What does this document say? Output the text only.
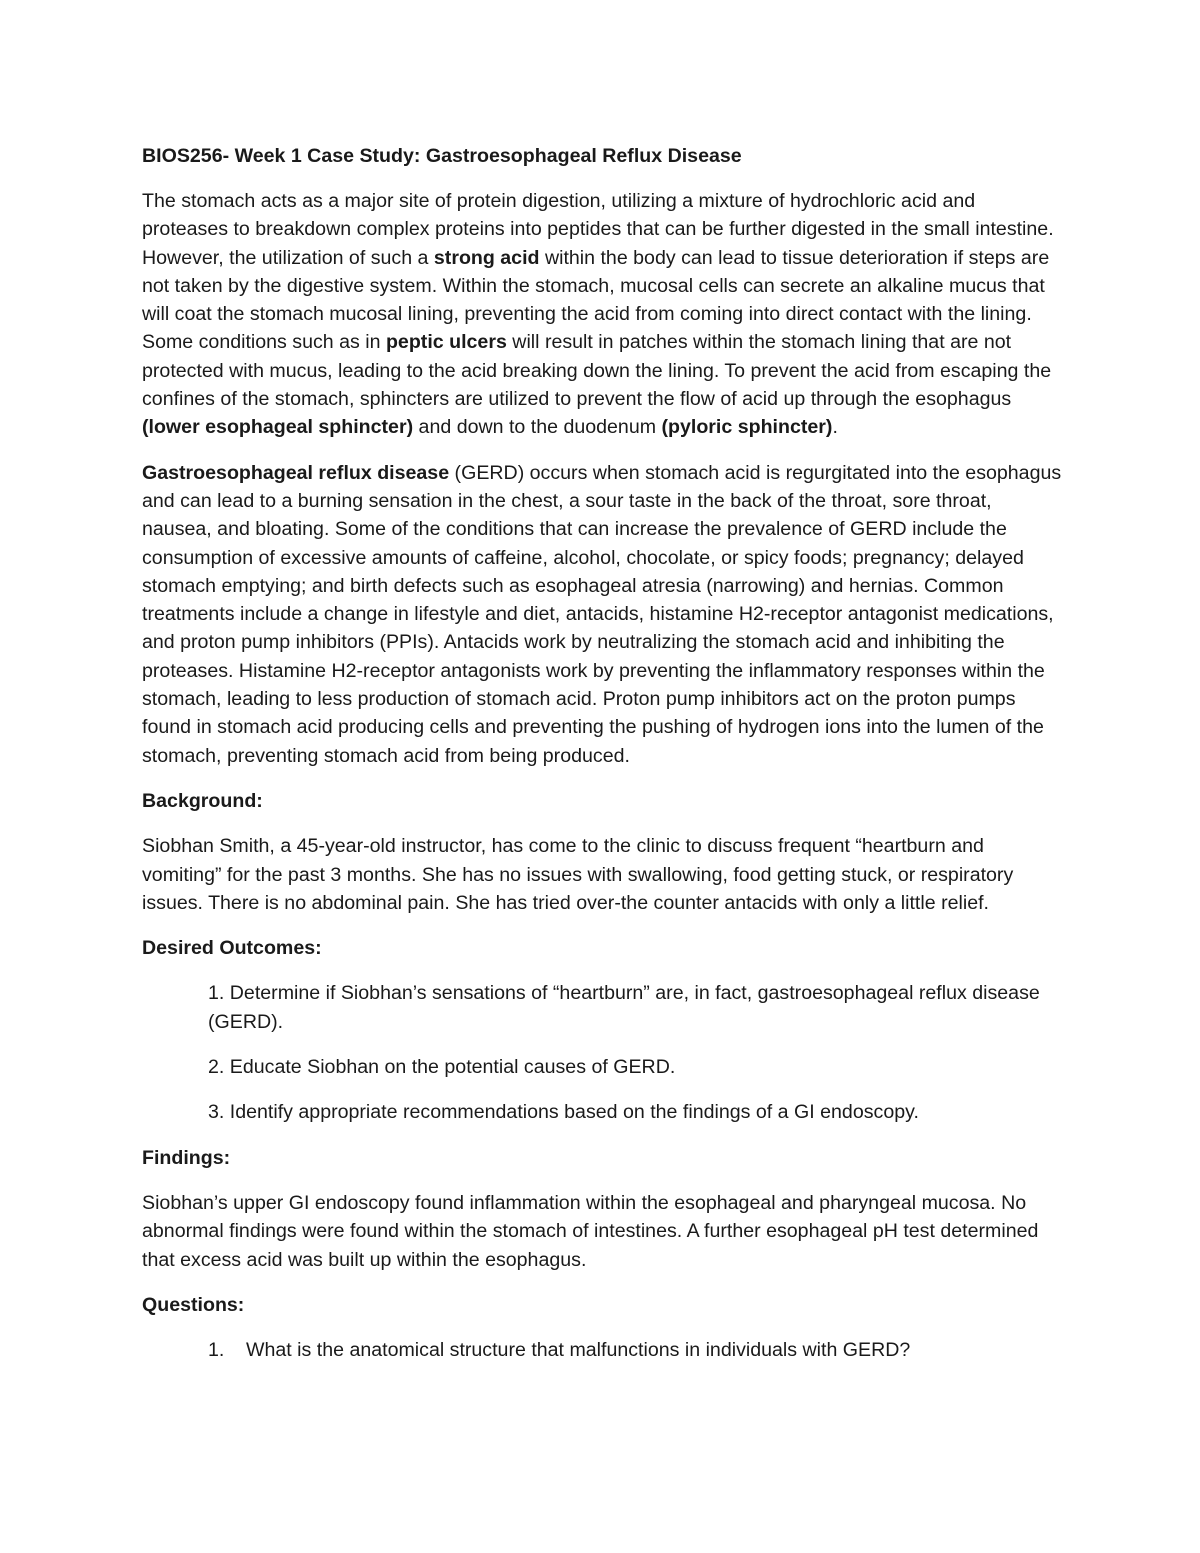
BIOS256- Week 1 Case Study: Gastroesophageal Reflux Disease

The stomach acts as a major site of protein digestion, utilizing a mixture of hydrochloric acid and proteases to breakdown complex proteins into peptides that can be further digested in the small intestine. However, the utilization of such a strong acid within the body can lead to tissue deterioration if steps are not taken by the digestive system. Within the stomach, mucosal cells can secrete an alkaline mucus that will coat the stomach mucosal lining, preventing the acid from coming into direct contact with the lining. Some conditions such as in peptic ulcers will result in patches within the stomach lining that are not protected with mucus, leading to the acid breaking down the lining. To prevent the acid from escaping the confines of the stomach, sphincters are utilized to prevent the flow of acid up through the esophagus (lower esophageal sphincter) and down to the duodenum (pyloric sphincter).

Gastroesophageal reflux disease (GERD) occurs when stomach acid is regurgitated into the esophagus and can lead to a burning sensation in the chest, a sour taste in the back of the throat, sore throat, nausea, and bloating. Some of the conditions that can increase the prevalence of GERD include the consumption of excessive amounts of caffeine, alcohol, chocolate, or spicy foods; pregnancy; delayed stomach emptying; and birth defects such as esophageal atresia (narrowing) and hernias. Common treatments include a change in lifestyle and diet, antacids, histamine H2-receptor antagonist medications, and proton pump inhibitors (PPIs). Antacids work by neutralizing the stomach acid and inhibiting the proteases. Histamine H2-receptor antagonists work by preventing the inflammatory responses within the stomach, leading to less production of stomach acid. Proton pump inhibitors act on the proton pumps found in stomach acid producing cells and preventing the pushing of hydrogen ions into the lumen of the stomach, preventing stomach acid from being produced.

Background:

Siobhan Smith, a 45-year-old instructor, has come to the clinic to discuss frequent “heartburn and vomiting” for the past 3 months. She has no issues with swallowing, food getting stuck, or respiratory issues. There is no abdominal pain. She has tried over-the counter antacids with only a little relief.

Desired Outcomes:
1. Determine if Siobhan’s sensations of “heartburn” are, in fact, gastroesophageal reflux disease (GERD).
2. Educate Siobhan on the potential causes of GERD.
3. Identify appropriate recommendations based on the findings of a GI endoscopy.
Findings:

Siobhan’s upper GI endoscopy found inflammation within the esophageal and pharyngeal mucosa. No abnormal findings were found within the stomach of intestines. A further esophageal pH test determined that excess acid was built up within the esophagus.

Questions:
1.	What is the anatomical structure that malfunctions in individuals with GERD?
